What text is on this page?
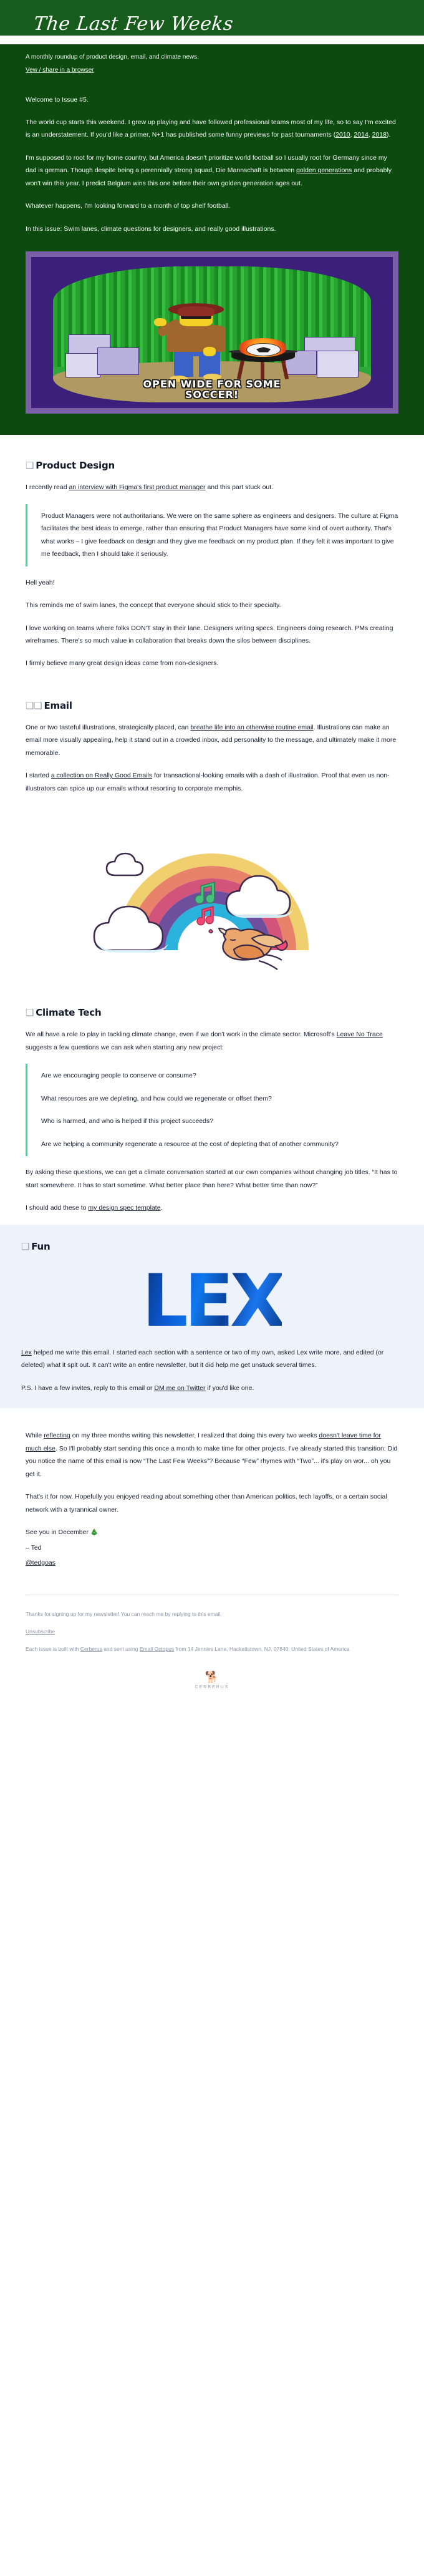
The Last Few Weeks

A monthly roundup of product design, email, and climate news.

Vew / share in a browser

Welcome to Issue #5.

The world cup starts this weekend. I grew up playing and have followed professional teams most of my life, so to say I'm excited is an understatement. If you'd like a primer, N+1 has published some funny previews for past tournaments (2010, 2014, 2018).

I'm supposed to root for my home country, but America doesn't prioritize world football so I usually root for Germany since my dad is german. Though despite being a perennially strong squad, Die Mannschaft is between golden generations and probably won't win this year. I predict Belgium wins this one before their own golden generation ages out.

Whatever happens, I'm looking forward to a month of top shelf football.

In this issue: Swim lanes, climate questions for designers, and really good illustrations.

OPEN WIDE FOR SOME
SOCCER!
❑ Product Design

I recently read an interview with Figma's first product manager and this part stuck out.

Product Managers were not authoritarians. We were on the same sphere as engineers and designers. The culture at Figma facilitates the best ideas to emerge, rather than ensuring that Product Managers have some kind of overt authority. That's what works – I give feedback on design and they give me feedback on my product plan. If they felt it was important to give me feedback, then I should take it seriously.

Hell yeah!

This reminds me of swim lanes, the concept that everyone should stick to their specialty.

I love working on teams where folks DON'T stay in their lane. Designers writing specs. Engineers doing research. PMs creating wireframes. There's so much value in collaboration that breaks down the silos between disciplines.

I firmly believe many great design ideas come from non-designers.

❑❑ Email

One or two tasteful illustrations, strategically placed, can breathe life into an otherwise routine email. Illustrations can make an email more visually appealing, help it stand out in a crowded inbox, add personality to the message, and ultimately make it more memorable.

I started a collection on Really Good Emails for transactional-looking emails with a dash of illustration. Proof that even us non-illustrators can spice up our emails without resorting to corporate memphis.

❑ Climate Tech

We all have a role to play in tackling climate change, even if we don't work in the climate sector. Microsoft's Leave No Trace suggests a few questions we can ask when starting any new project:

Are we encouraging people to conserve or consume?

What resources are we depleting, and how could we regenerate or offset them?

Who is harmed, and who is helped if this project succeeds?

Are we helping a community regenerate a resource at the cost of depleting that of another community?

By asking these questions, we can get a climate conversation started at our own companies without changing job titles. “It has to start somewhere. It has to start sometime. What better place than here? What better time than now?”

I should add these to my design spec template.

❑ Fun
LEX

Lex helped me write this email. I started each section with a sentence or two of my own, asked Lex write more, and edited (or deleted) what it spit out. It can't write an entire newsletter, but it did help me get unstuck several times.

P.S. I have a few invites, reply to this email or DM me on Twitter if you'd like one.

While reflecting on my three months writing this newsletter, I realized that doing this every two weeks doesn't leave time for much else. So I'll probably start sending this once a month to make time for other projects. I've already started this transition: Did you notice the name of this email is now “The Last Few Weeks”? Because “Few” rhymes with “Two”... it's play on wor... oh you get it.

That's it for now. Hopefully you enjoyed reading about something other than American politics, tech layoffs, or a certain social network with a tyrannical owner.

See you in December 🎄

– Ted

@tedgoas

Thanks for signing up for my newsletter! You can reach me by replying to this email.

Unsubscribe

Each issue is built with Cerberus and sent using Email Octopus from 14 Jennies Lane, Hackettstown, NJ, 07840, United States of America

🐕
CERBERUS
